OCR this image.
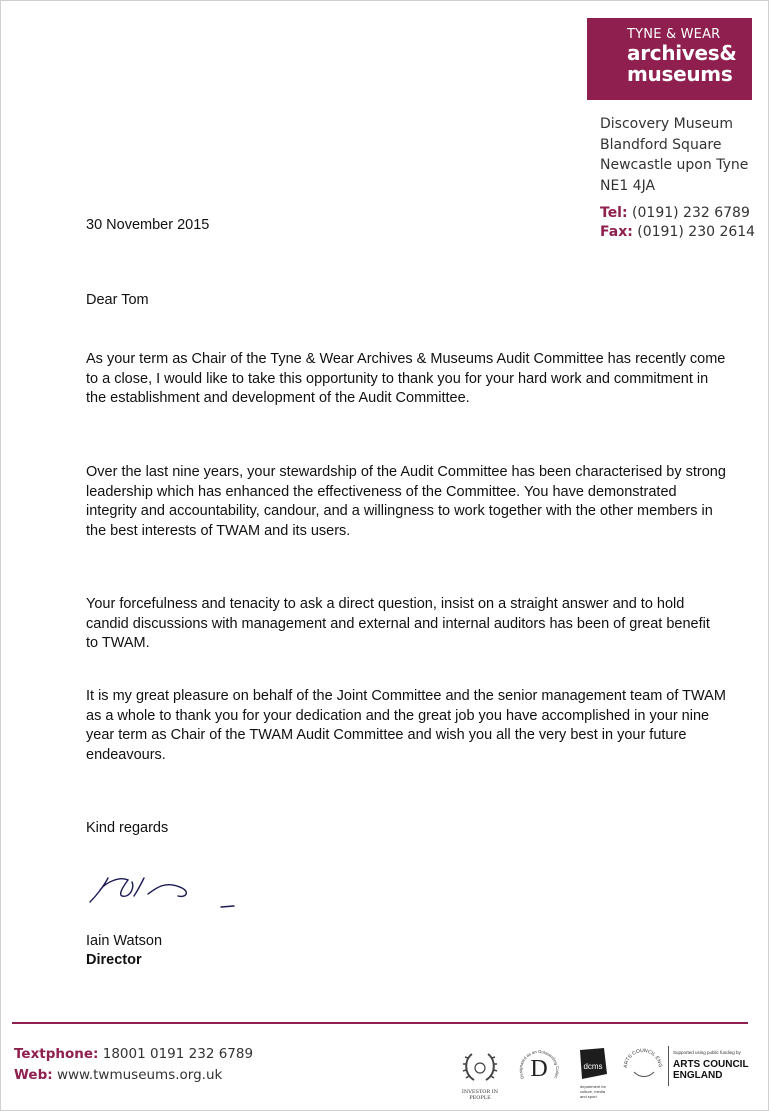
TYNE & WEAR
archives&
museums
Discovery Museum
Blandford Square
Newcastle upon Tyne
NE1 4JA
Tel: (0191) 232 6789
Fax: (0191) 230 2614
30 November 2015
Dear Tom
As your term as Chair of the Tyne & Wear Archives & Museums Audit Committee has recently come to a close, I would like to take this opportunity to thank you for your hard work and commitment in the establishment and development of the Audit Committee.
Over the last nine years, your stewardship of the Audit Committee has been characterised by strong leadership which has enhanced the effectiveness of the Committee. You have demonstrated integrity and accountability, candour, and a willingness to work together with the other members in the best interests of TWAM and its users.
Your forcefulness and tenacity to ask a direct question, insist on a straight answer and to hold candid discussions with management and external and internal auditors has been of great benefit to TWAM.
It is my great pleasure on behalf of the Joint Committee and the senior management team of TWAM as a whole to thank you for your dedication and the great job you have accomplished in your nine year term as Chair of the TWAM Audit Committee and wish you all the very best in your future endeavours.
Kind regards
Iain Watson
Director
Textphone: 18001 0191 232 6789
Web: www.twmuseums.org.uk
INVESTOR IN PEOPLE
Designated as an Outstanding Collec
D	dcms
department for
culture, media
and sport
ARTS COUNCIL ENG
Supported using public funding by
ARTS COUNCIL
ENGLAND
